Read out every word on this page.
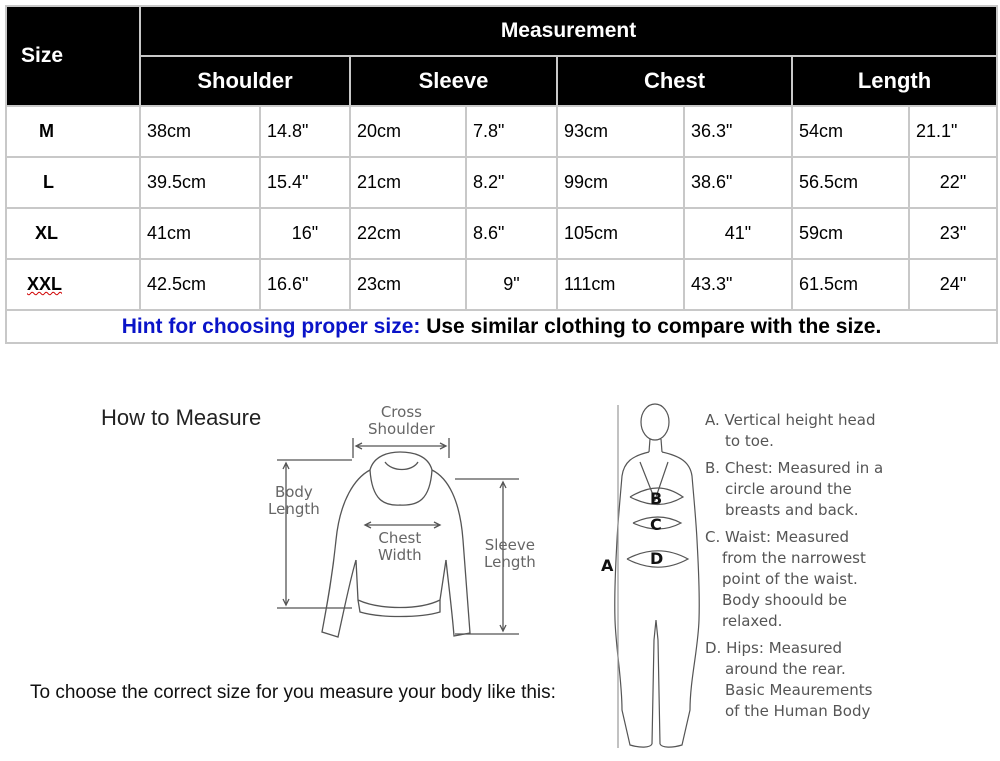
Size	Measurement							
	Shoulder		Sleeve		Chest		Length	
M	38cm	14.8"	20cm	7.8"	93cm	36.3"	54cm	21.1"
L	39.5cm	15.4"	21cm	8.2"	99cm	38.6"	56.5cm	22"
XL	41cm	16"	22cm	8.6"	105cm	41"	59cm	23"
XXL	42.5cm	16.6"	23cm	9"	111cm	43.3"	61.5cm	24"
Hint for choosing proper size: Use similar clothing to compare with the size.								
How to Measure	Cross
Shoulder
Body
Length
Chest
Width
Sleeve
Length	A
B
C
D
To choose the correct size for you measure your body like this:
A. Vertical height head
to toe.
B. Chest: Measured in a
circle around the
breasts and back.
C. Waist: Measured
from the narrowest
point of the waist.
Body shoould be
relaxed.
D. Hips: Measured
around the rear.
Basic Meaurements
of the Human Body
